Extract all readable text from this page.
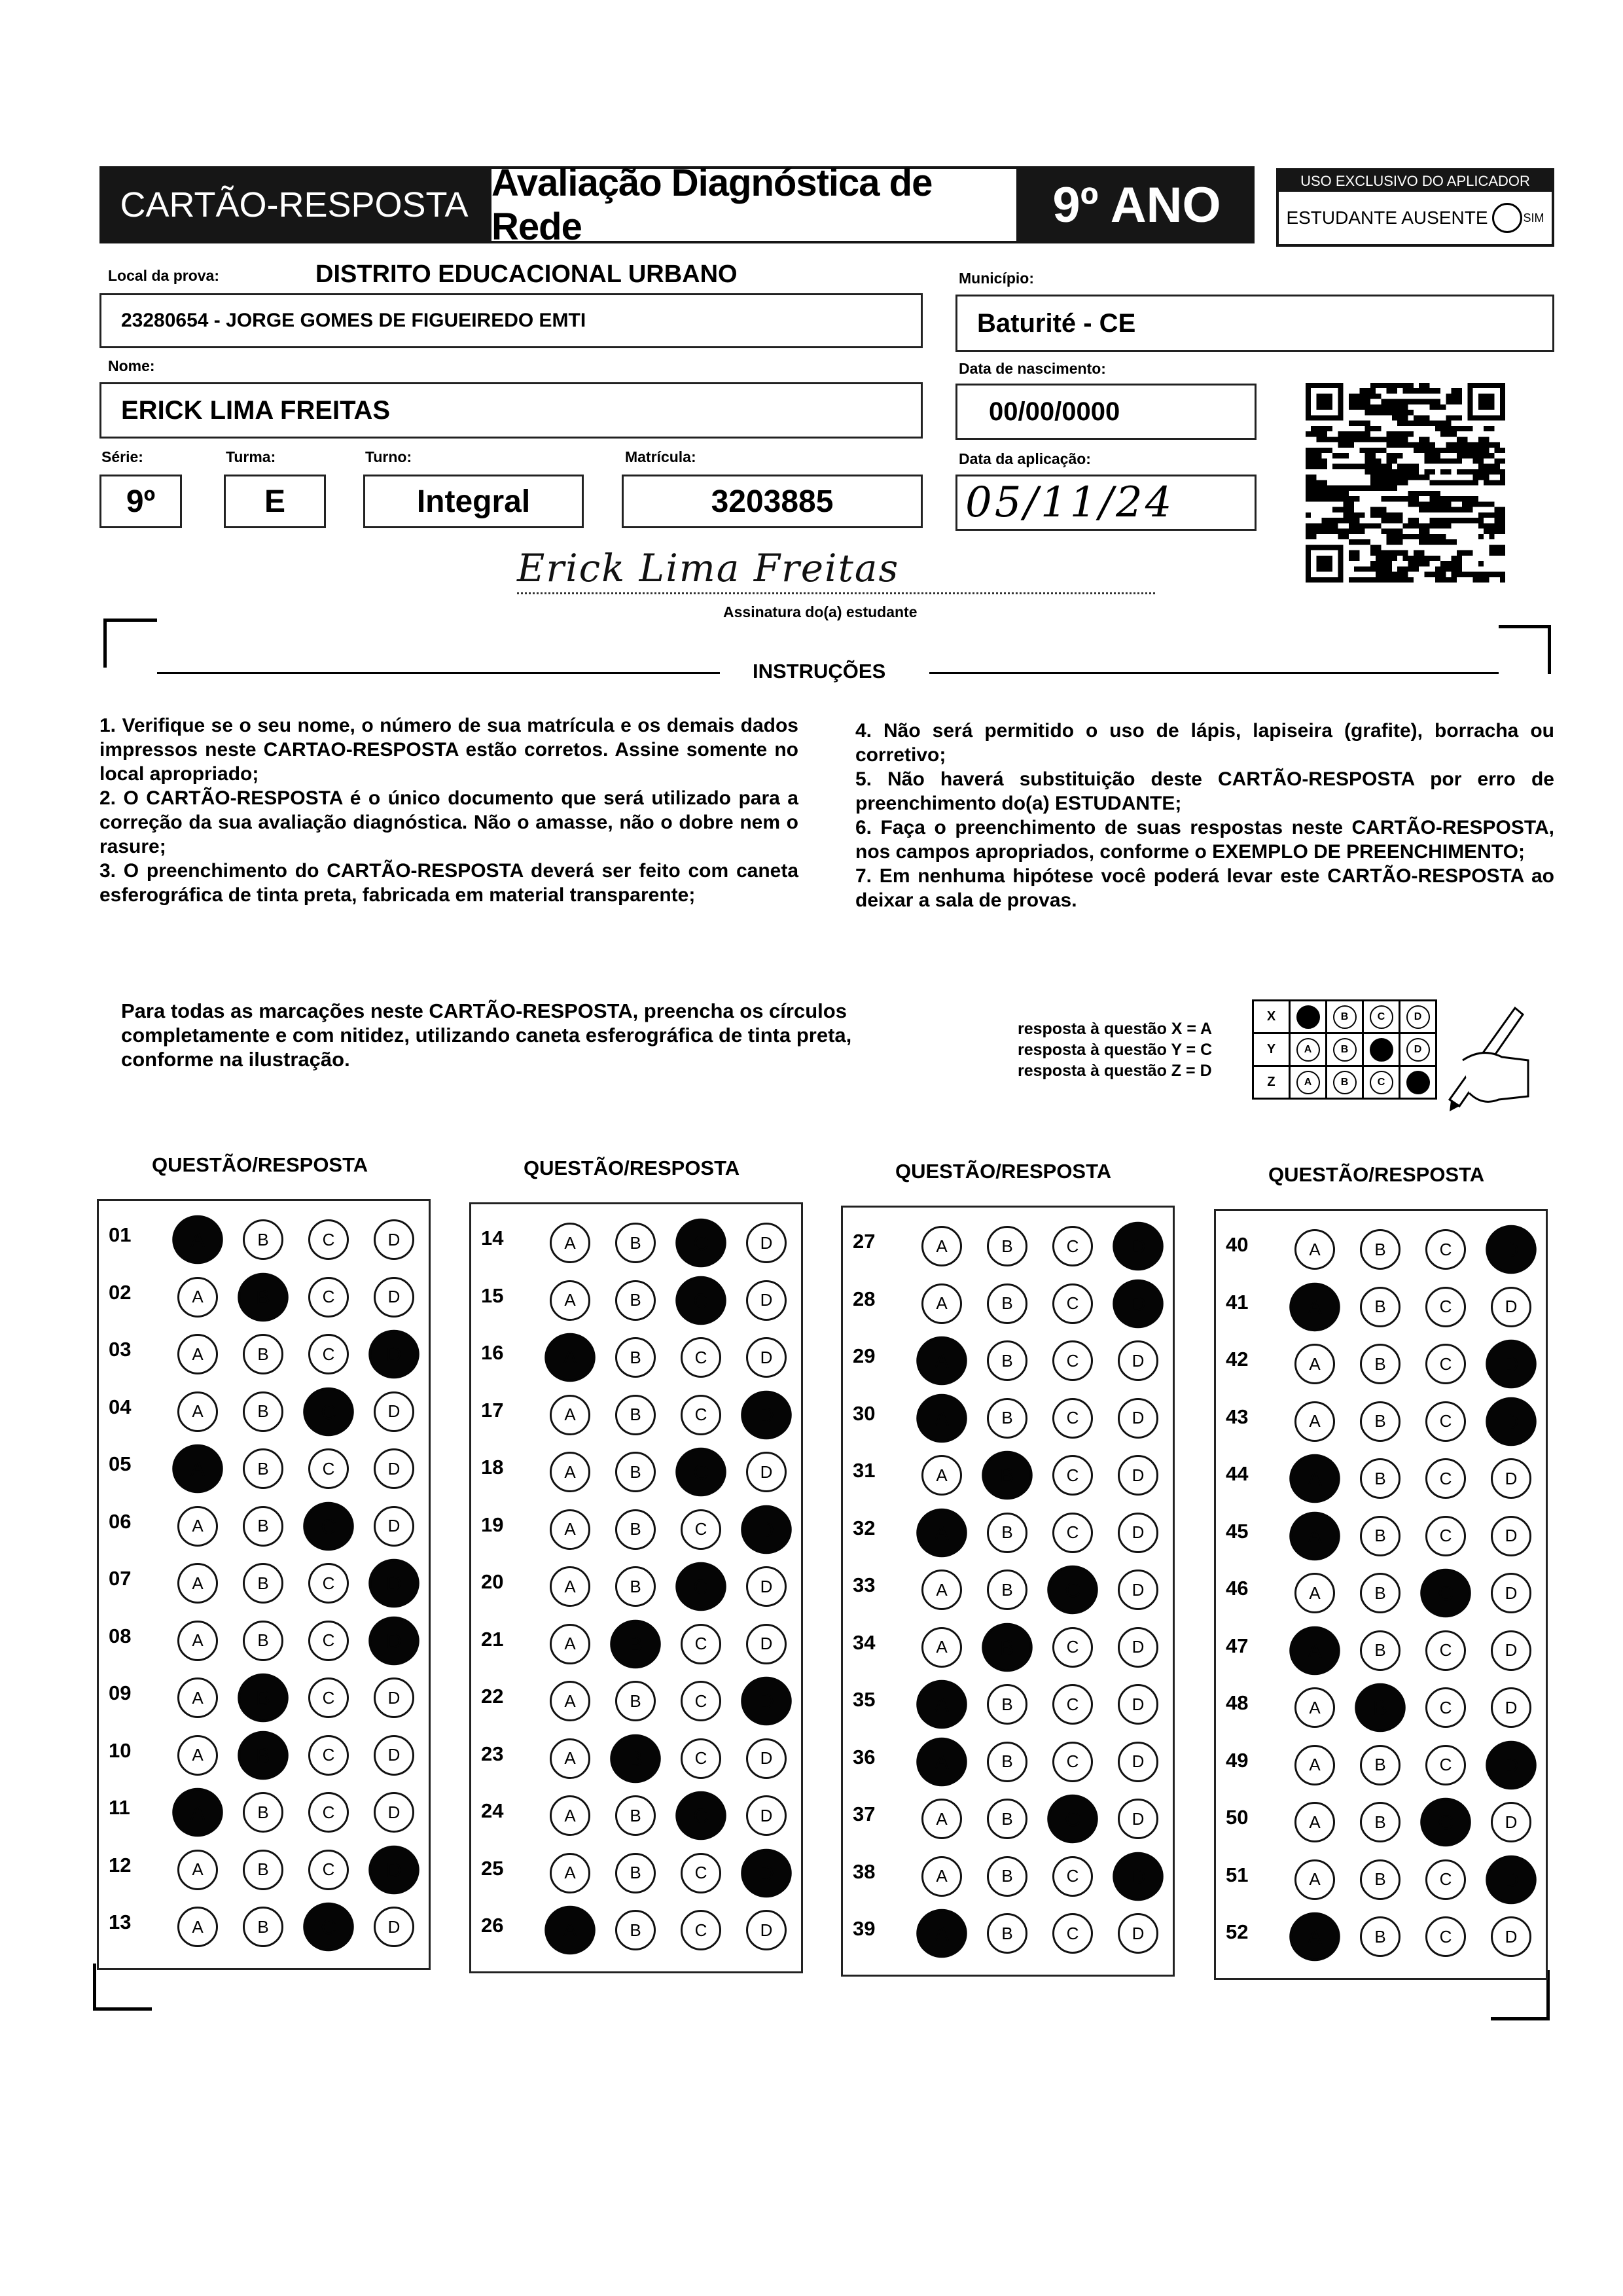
CARTÃO-RESPOSTA
Avaliação Diagnóstica de Rede	9º ANO	USO EXCLUSIVO DO APLICADOR
ESTUDANTE AUSENTE	SIM
Local da prova:	DISTRITO EDUCACIONAL URBANO
23280654 - JORGE GOMES DE FIGUEIREDO EMTI
Município:
Baturité - CE
Nome:
ERICK LIMA FREITAS
Data de nascimento:
00/00/0000
Série:
9º
Turma:
E
Turno:
Integral
Matrícula:
3203885
Data da aplicação:
05/11/24
Erick Lima Freitas
Assinatura do(a) estudante
INSTRUÇÕES
1. Verifique se o seu nome, o número de sua matrícula e os demais dados impressos neste CARTAO-RESPOSTA estão corretos. Assine somente no local apropriado;
2. O CARTÃO-RESPOSTA é o único documento que será utilizado para a correção da sua avaliação diagnóstica. Não o amasse, não o dobre nem o rasure;
3. O preenchimento do CARTÃO-RESPOSTA deverá ser feito com caneta esferográfica de tinta preta, fabricada em material transparente;
4. Não será permitido o uso de lápis, lapiseira (grafite), borracha ou corretivo;
5. Não haverá substituição deste CARTÃO-RESPOSTA por erro de preenchimento do(a) ESTUDANTE;
6. Faça o preenchimento de suas respostas neste CARTÃO-RESPOSTA, nos campos apropriados, conforme o EXEMPLO DE PREENCHIMENTO;
7. Em nenhuma hipótese você poderá levar este CARTÃO-RESPOSTA ao deixar a sala de provas.
Para todas as marcações neste CARTÃO-RESPOSTA, preencha os círculos completamente e com nitidez, utilizando caneta esferográfica de tinta preta, conforme na ilustração.
resposta à questão X = A
resposta à questão Y = C
resposta à questão Z = D
X	A	B	C	D
Y	A	B	C	D
Z	A	B	C	D
QUESTÃO/RESPOSTA	QUESTÃO/RESPOSTA	QUESTÃO/RESPOSTA	QUESTÃO/RESPOSTA
01	A	B	C	D
02	A	B	C	D
03	A	B	C	D
04	A	B	C	D
05	A	B	C	D
06	A	B	C	D
07	A	B	C	D
08	A	B	C	D
09	A	B	C	D
10	A	B	C	D
11	A	B	C	D
12	A	B	C	D
13	A	B	C	D
14	A	B	C	D
15	A	B	C	D
16	A	B	C	D
17	A	B	C	D
18	A	B	C	D
19	A	B	C	D
20	A	B	C	D
21	A	B	C	D
22	A	B	C	D
23	A	B	C	D
24	A	B	C	D
25	A	B	C	D
26	A	B	C	D
27	A	B	C	D
28	A	B	C	D
29	A	B	C	D
30	A	B	C	D
31	A	B	C	D
32	A	B	C	D
33	A	B	C	D
34	A	B	C	D
35	A	B	C	D
36	A	B	C	D
37	A	B	C	D
38	A	B	C	D
39	A	B	C	D
40	A	B	C	D
41	A	B	C	D
42	A	B	C	D
43	A	B	C	D
44	A	B	C	D
45	A	B	C	D
46	A	B	C	D
47	A	B	C	D
48	A	B	C	D
49	A	B	C	D
50	A	B	C	D
51	A	B	C	D
52	A	B	C	D
